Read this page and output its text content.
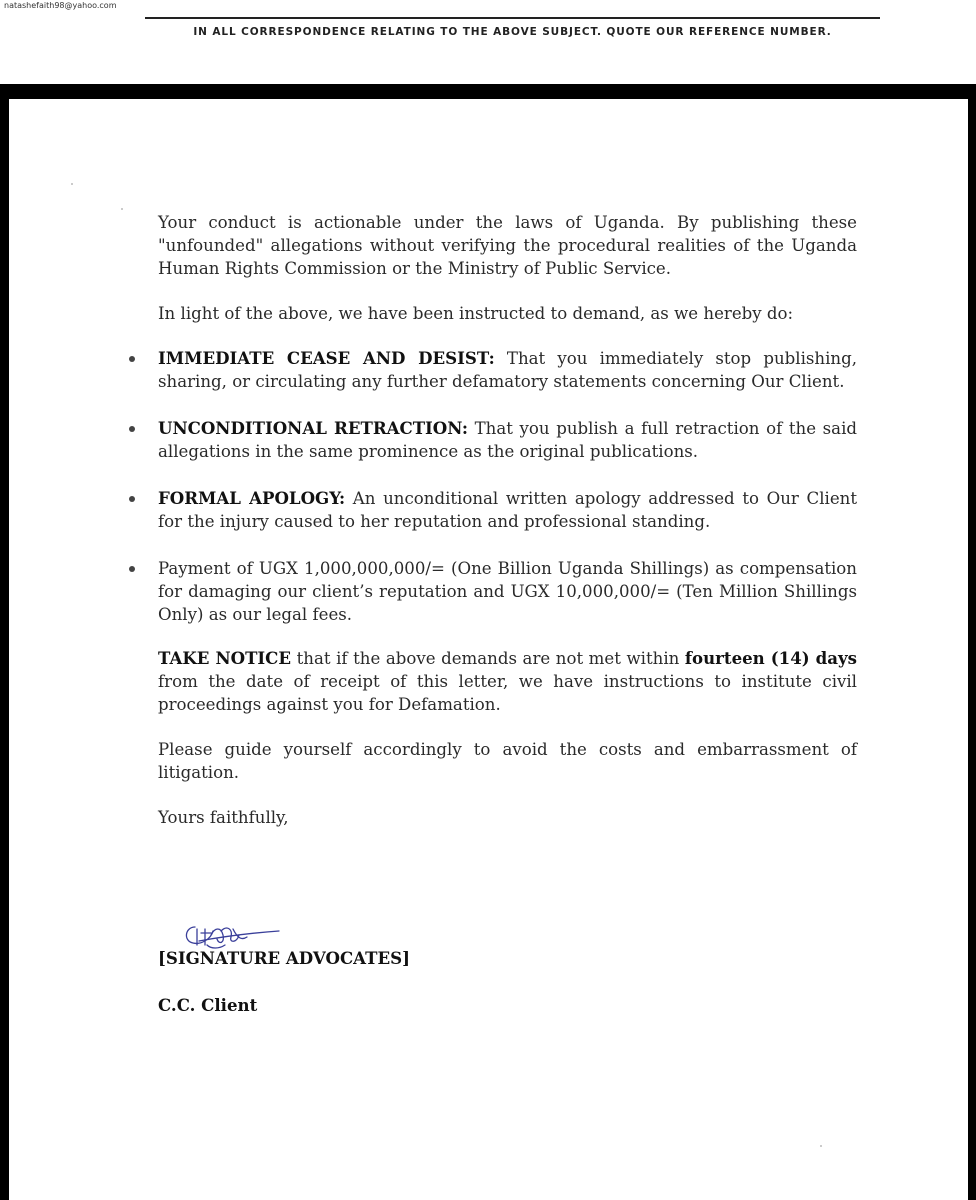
natashefaith98@yahoo.com
IN ALL CORRESPONDENCE RELATING TO THE ABOVE SUBJECT. QUOTE OUR REFERENCE NUMBER.

Your conduct is actionable under the laws of Uganda. By publishing these "unfounded" allegations without verifying the procedural realities of the Uganda Human Rights Commission or the Ministry of Public Service.

In light of the above, we have been instructed to demand, as we hereby do:

IMMEDIATE CEASE AND DESIST: That you immediately stop publishing, sharing, or circulating any further defamatory statements concerning Our Client.

UNCONDITIONAL RETRACTION: That you publish a full retraction of the said allegations in the same prominence as the original publications.

FORMAL APOLOGY: An unconditional written apology addressed to Our Client for the injury caused to her reputation and professional standing.

Payment of UGX 1,000,000,000/= (One Billion Uganda Shillings) as compensation for damaging our client’s reputation and UGX 10,000,000/= (Ten Million Shillings Only) as our legal fees.

TAKE NOTICE that if the above demands are not met within fourteen (14) days from the date of receipt of this letter, we have instructions to institute civil proceedings against you for Defamation.

Please guide yourself accordingly to avoid the costs and embarrassment of litigation.

Yours faithfully,

[SIGNATURE ADVOCATES]
C.C. Client
